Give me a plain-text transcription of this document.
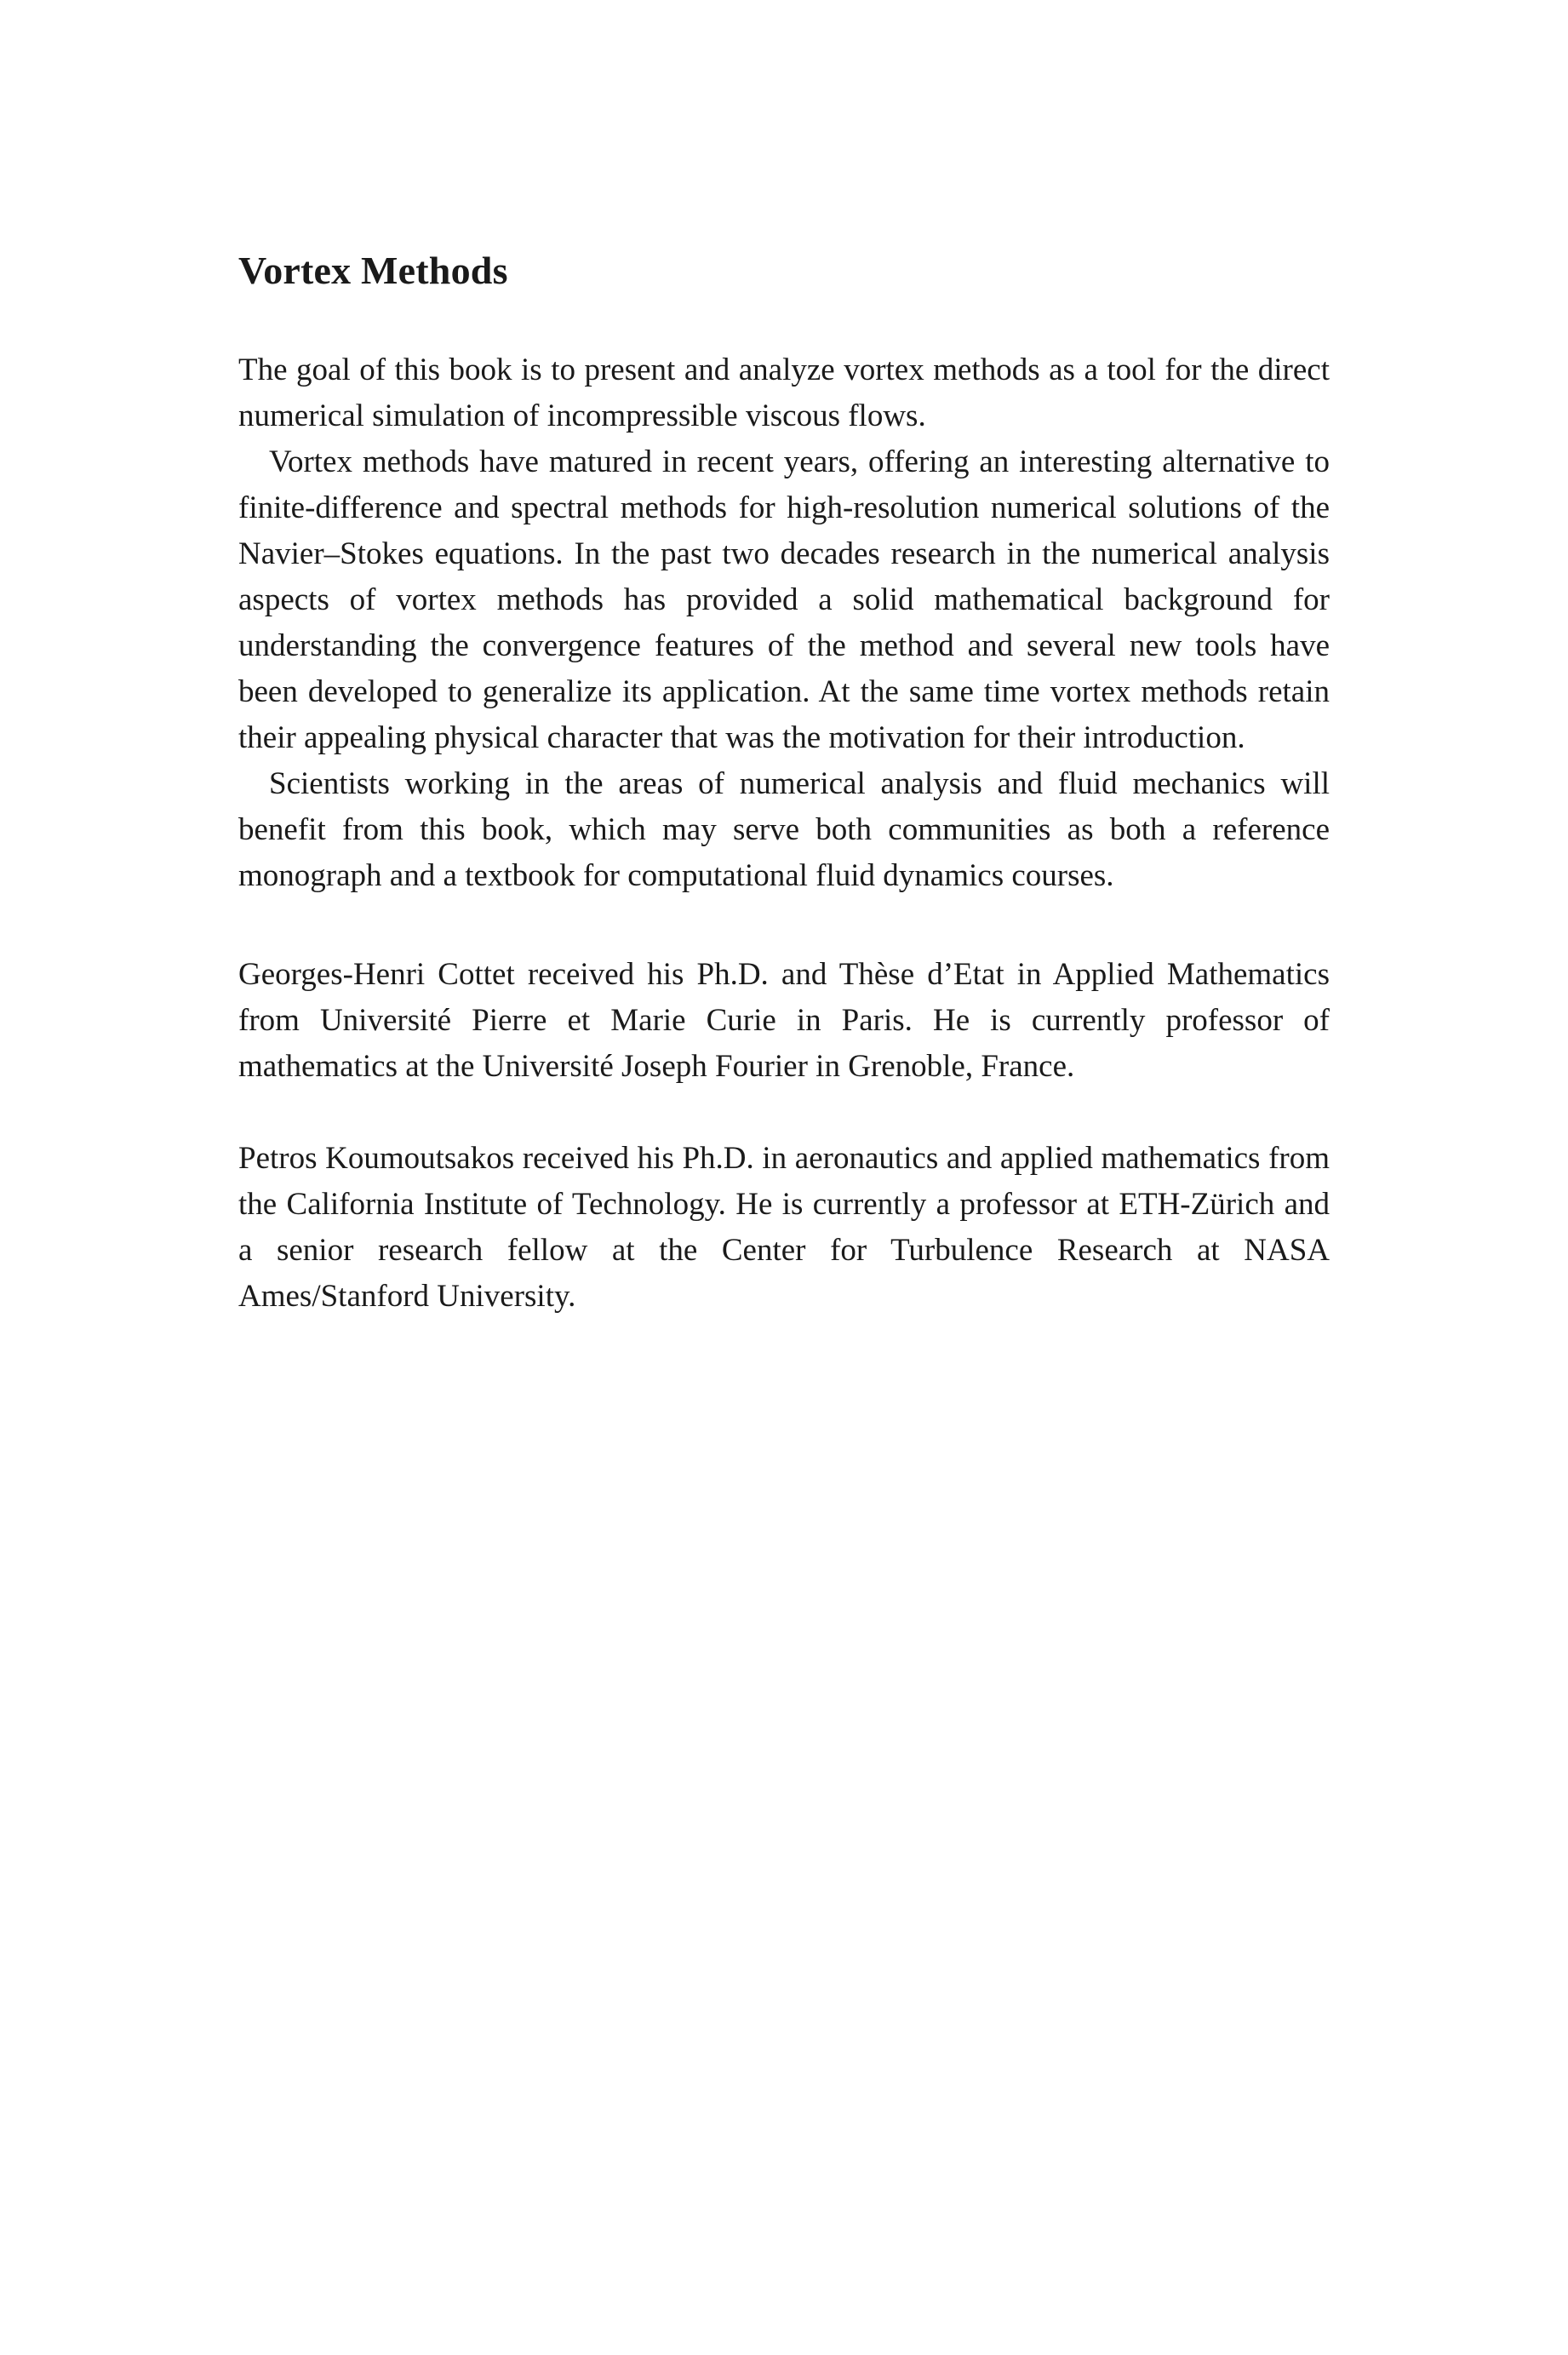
Vortex Methods

The goal of this book is to present and analyze vortex methods as a tool for the direct numerical simulation of incompressible viscous flows.

Vortex methods have matured in recent years, offering an interesting alternative to finite-difference and spectral methods for high-resolution numerical solutions of the Navier–Stokes equations. In the past two decades research in the numerical analysis aspects of vortex methods has provided a solid mathematical background for understanding the convergence features of the method and several new tools have been developed to generalize its application. At the same time vortex methods retain their appealing physical character that was the motivation for their introduction.

Scientists working in the areas of numerical analysis and fluid mechanics will benefit from this book, which may serve both communities as both a reference monograph and a textbook for computational fluid dynamics courses.

Georges-Henri Cottet received his Ph.D. and Thèse d’Etat in Applied Mathematics from Université Pierre et Marie Curie in Paris. He is currently professor of mathematics at the Université Joseph Fourier in Grenoble, France.

Petros Koumoutsakos received his Ph.D. in aeronautics and applied mathematics from the California Institute of Technology. He is currently a professor at ETH-Zürich and a senior research fellow at the Center for Turbulence Research at NASA Ames/Stanford University.
